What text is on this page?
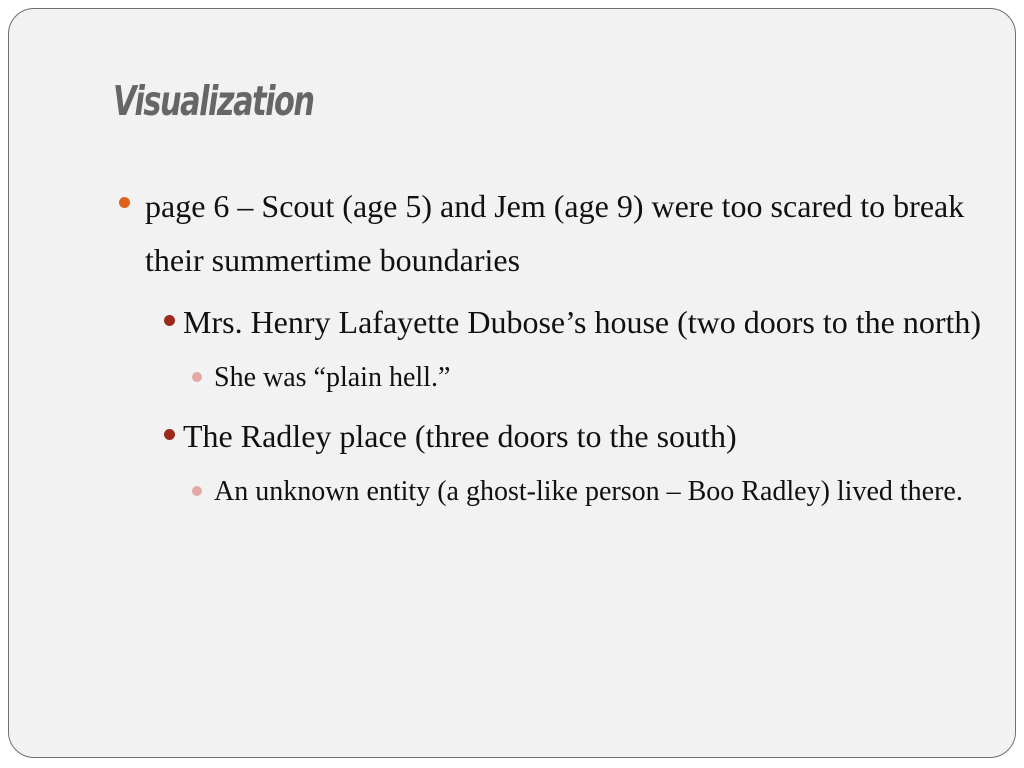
Visualization
page 6 – Scout (age 5) and Jem (age 9) were too scared to break their summertime boundaries
Mrs. Henry Lafayette Dubose’s house (two doors to the north)
She was “plain hell.”
The Radley place (three doors to the south)
An unknown entity (a ghost-like person – Boo Radley) lived there.
